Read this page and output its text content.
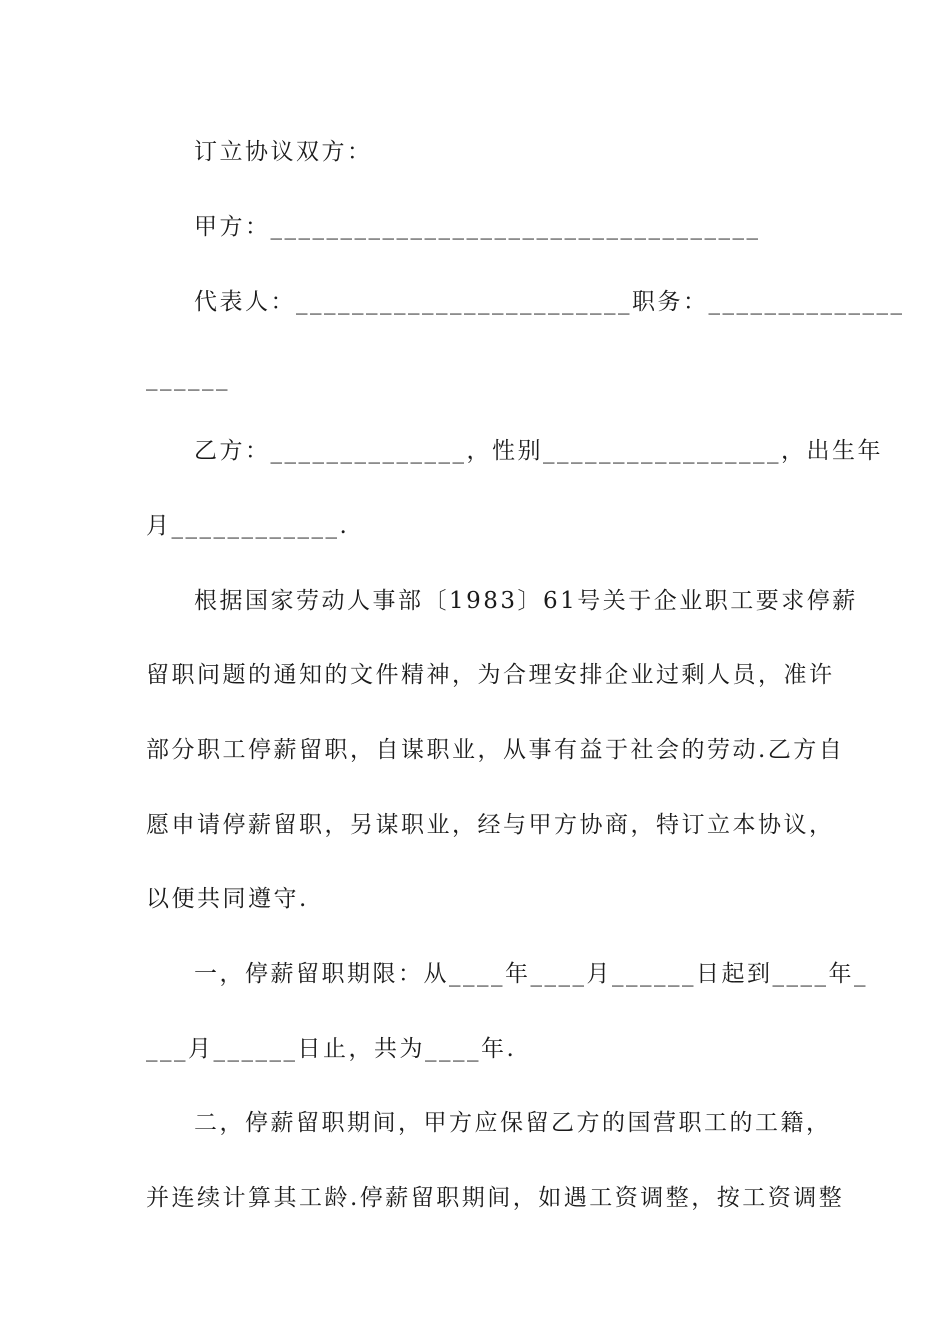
订立协议双方：
甲方：___________________________________
代表人：________________________职务：______________
______
乙方：______________，性别_________________，出生年
月____________.
根据国家劳动人事部〔1983〕61号关于企业职工要求停薪
留职问题的通知的文件精神，为合理安排企业过剩人员，准许
部分职工停薪留职，自谋职业，从事有益于社会的劳动.乙方自
愿申请停薪留职，另谋职业，经与甲方协商，特订立本协议，
以便共同遵守.
一，停薪留职期限：从____年____月______日起到____年_
___月______日止，共为____年.
二，停薪留职期间，甲方应保留乙方的国营职工的工籍，
并连续计算其工龄.停薪留职期间，如遇工资调整，按工资调整
